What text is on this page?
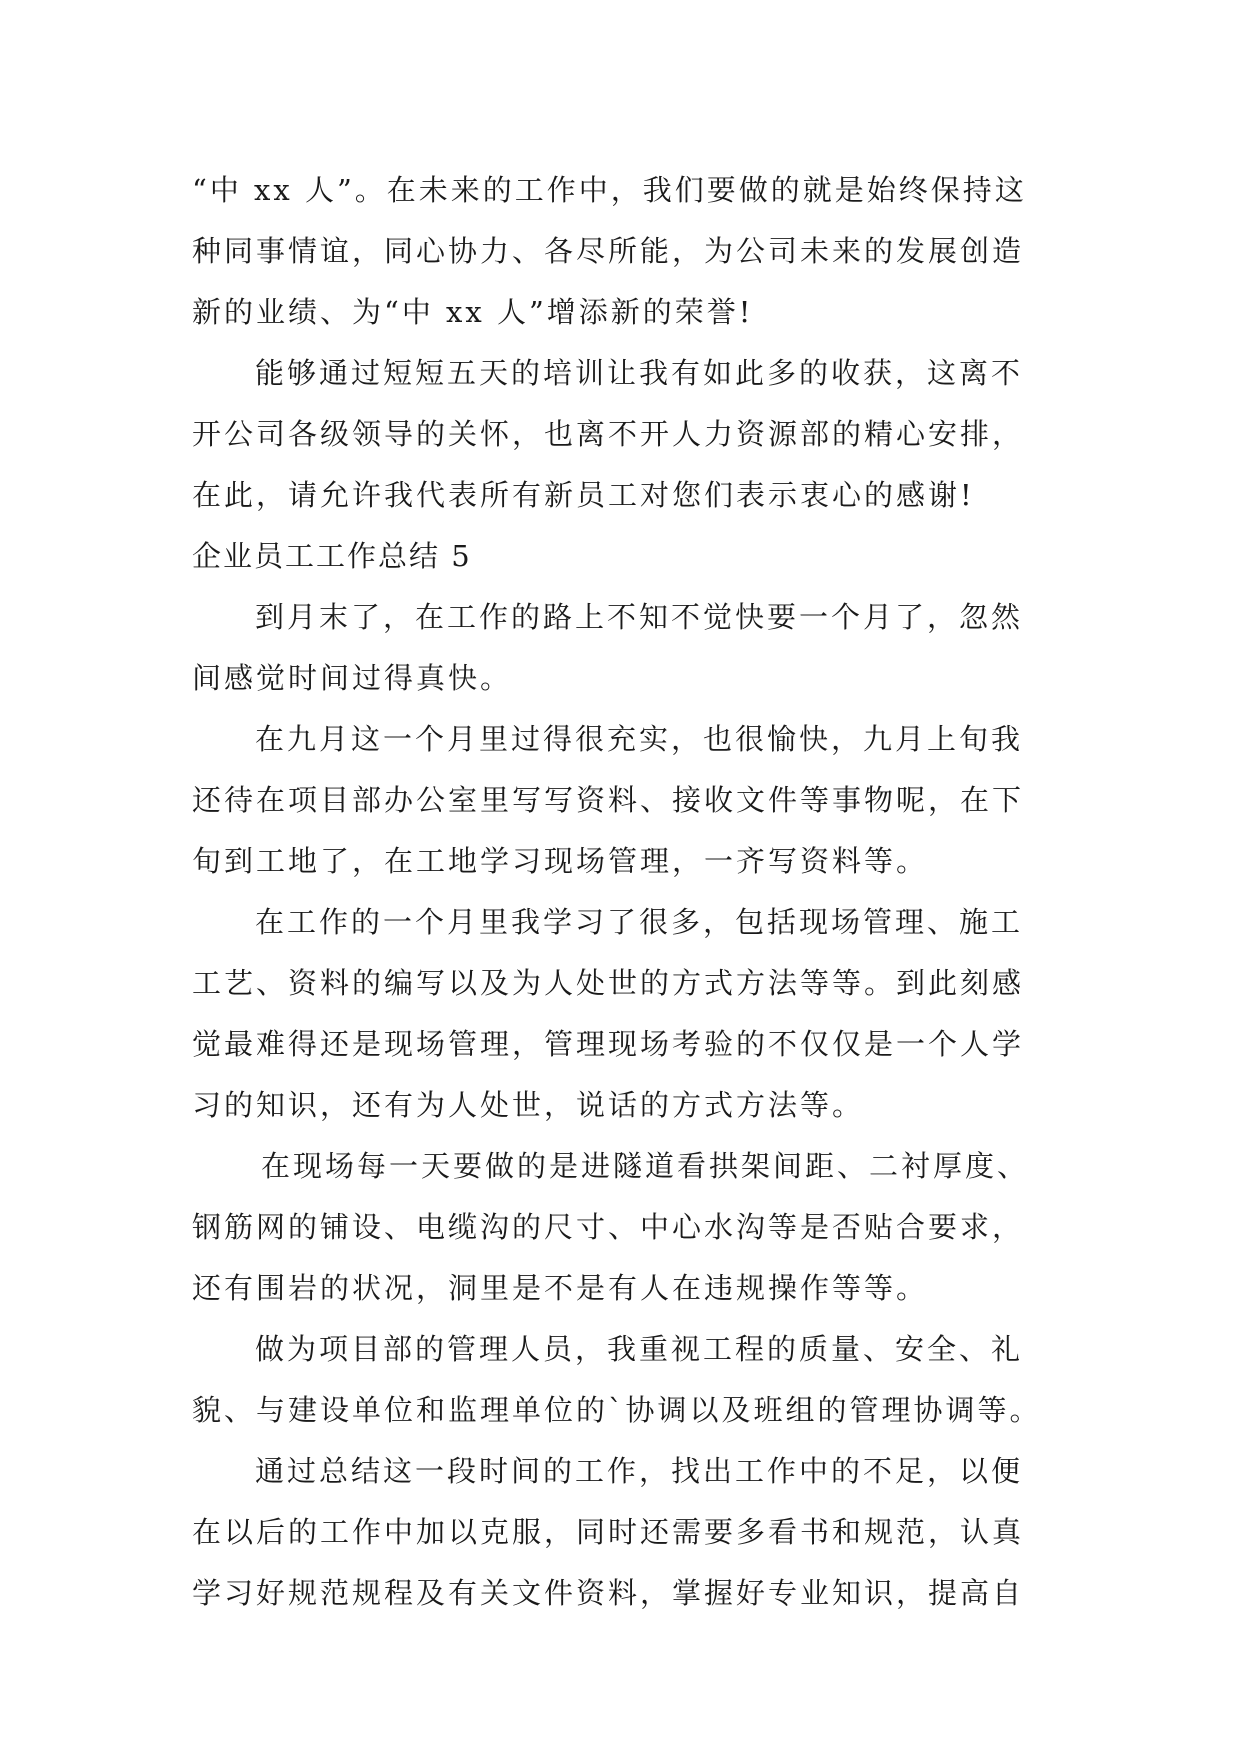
“中 xx 人”。在未来的工作中，我们要做的就是始终保持这
种同事情谊，同心协力、各尽所能，为公司未来的发展创造
新的业绩、为“中 xx 人”增添新的荣誉!
能够通过短短五天的培训让我有如此多的收获，这离不
开公司各级领导的关怀，也离不开人力资源部的精心安排，
在此，请允许我代表所有新员工对您们表示衷心的感谢!
企业员工工作总结 5
到月末了，在工作的路上不知不觉快要一个月了，忽然
间感觉时间过得真快。
在九月这一个月里过得很充实，也很愉快，九月上旬我
还待在项目部办公室里写写资料、接收文件等事物呢，在下
旬到工地了，在工地学习现场管理，一齐写资料等。
在工作的一个月里我学习了很多，包括现场管理、施工
工艺、资料的编写以及为人处世的方式方法等等。到此刻感
觉最难得还是现场管理，管理现场考验的不仅仅是一个人学
习的知识，还有为人处世，说话的方式方法等。
在现场每一天要做的是进隧道看拱架间距、二衬厚度、
钢筋网的铺设、电缆沟的尺寸、中心水沟等是否贴合要求，
还有围岩的状况，洞里是不是有人在违规操作等等。
做为项目部的管理人员，我重视工程的质量、安全、礼
貌、与建设单位和监理单位的`协调以及班组的管理协调等。
通过总结这一段时间的工作，找出工作中的不足，以便
在以后的工作中加以克服，同时还需要多看书和规范，认真
学习好规范规程及有关文件资料，掌握好专业知识，提高自
